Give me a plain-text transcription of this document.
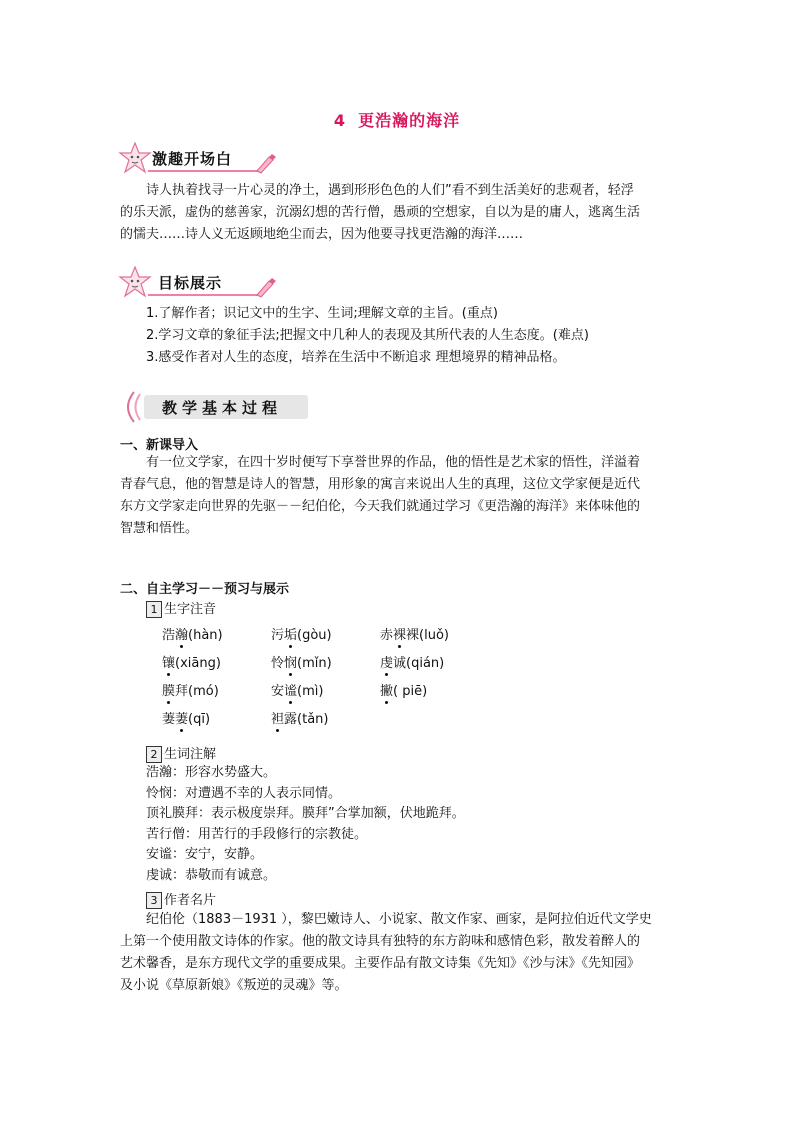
4 更浩瀚的海洋
激趣开场白
诗人执着找寻一片心灵的净土，遇到形形色色的人们”看不到生活美好的悲观者，轻浮
的乐天派，虚伪的慈善家，沉溺幻想的苦行僧，愚顽的空想家，自以为是的庸人，逃离生活
的懦夫……诗人义无返顾地绝尘而去，因为他要寻找更浩瀚的海洋……
目标展示
1.了解作者；识记文中的生字、生词;理解文章的主旨。(重点)
2.学习文章的象征手法;把握文中几种人的表现及其所代表的人生态度。(难点)
3.感受作者对人生的态度，培养在生活中不断追求 理想境界的精神品格。
教学基本过程
一、新课导入
有一位文学家，在四十岁时便写下享誉世界的作品，他的悟性是艺术家的悟性，洋溢着
青春气息，他的智慧是诗人的智慧，用形象的寓言来说出人生的真理，这位文学家便是近代
东方文学家走向世界的先驱－－纪伯伦，今天我们就通过学习《更浩瀚的海洋》来体味他的
智慧和悟性。
二、自主学习－－预习与展示
1 生字注音
浩瀚(hàn)	污垢(gòu)	赤裸裸(luǒ)
镶(xiāng)	怜悯(mǐn)	虔诚(qián)
膜拜(mó)	安谧(mì)	撇( piē)
萋萋(qī)	袒露(tǎn)
2 生词注解
浩瀚：形容水势盛大。
怜悯：对遭遇不幸的人表示同情。
顶礼膜拜：表示极度崇拜。膜拜”合掌加额，伏地跪拜。
苦行僧：用苦行的手段修行的宗教徒。
安谧：安宁，安静。
虔诚：恭敬而有诚意。
3 作者名片
纪伯伦（1883－1931 ），黎巴嫩诗人、小说家、散文作家、画家，是阿拉伯近代文学史
上第一个使用散文诗体的作家。他的散文诗具有独特的东方韵味和感情色彩，散发着醉人的
艺术馨香，是东方现代文学的重要成果。主要作品有散文诗集《先知》《沙与沫》《先知园》
及小说《草原新娘》《叛逆的灵魂》等。
